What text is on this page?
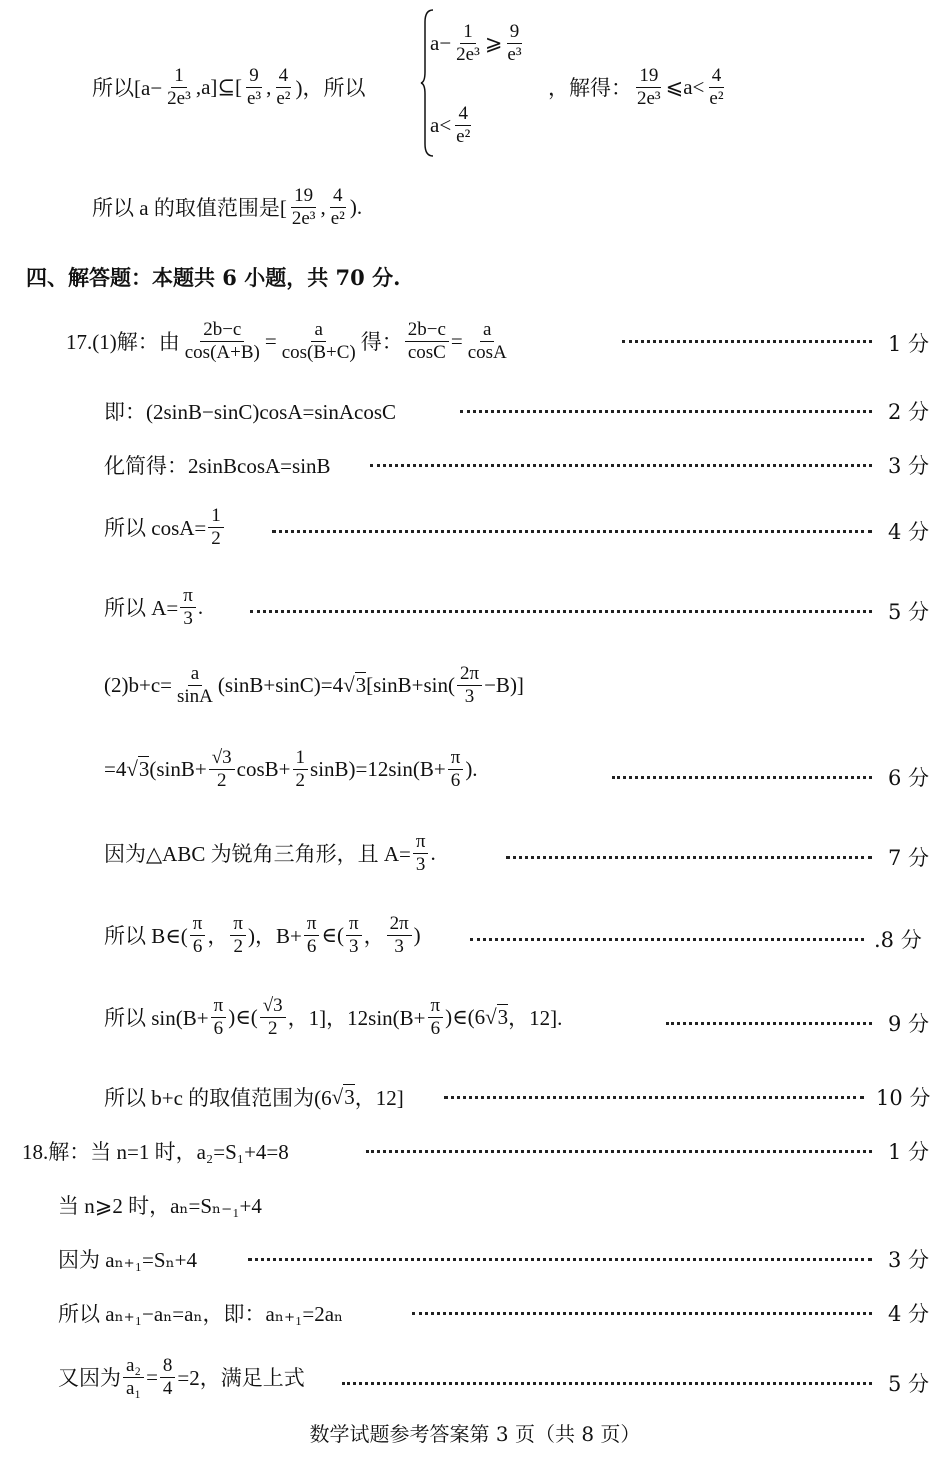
所以[$a- \frac{1}{\text{2e³}}$ ,a]⊆[ $\frac{9}{\text{e³}}$ , $\frac{4}{\text{e²}}$ )，所以
$a- \frac{1}{\text{2e³}}$ ⩾ $\frac{9}{\text{e³}}$
$a< \frac{4}{\text{e²}}$
，解得： $\frac{19}{\text{2e³}}$ ⩽a< $\frac{4}{\text{e²}}$
所以 a 的取值范围是[ $\frac{19}{\text{2e³}}$ , $\frac{4}{\text{e²}}$ ).
四、解答题：本题共 6 小题，共 70 分.
17.(1)解：由 $\frac{2b-c}{\cos(A+B)} = \frac{a}{\cos(B+C)}$ 得： $\frac{2b-c}{\cos C} = \frac{a}{\cos A}$	1 分
即：(2sinB−sinC)cosA=sinAcosC	2 分
化简得：2sinBcosA=sinB	3 分
所以 $\cos A= \frac{1}{2}$	4 分
所以 $A= \frac{\pi}{3}$ .	5 分
$(2)b+c= \frac{a}{\sin A} (\sin B+\sin C)=4$ √ 3 $[\sin B+\sin( \frac{2\pi}{3} -B)]$
=4 √ 3 $(\sin B+ \frac{√3}{2} \cos B+ \frac{1}{2} \sin B)=12\sin(B+ \frac{\pi}{6}$ ).	6 分
因为△ABC 为锐角三角形，且 $A= \frac{\pi}{3}$ .	7 分
所以 B∈( $\frac{\pi}{6}$ ， $\frac{\pi}{2}$ )，$B+ \frac{\pi}{6}$ ∈( $\frac{\pi}{3}$ ， $\frac{2\pi}{3}$ )	.8 分
所以 $\sin(B+ \frac{\pi}{6}$ )∈( $\frac{√3}{2}$ ，1]，$12\sin(B+ \frac{\pi}{6}$ )∈(6 √ 3 ，12].	9 分
所以 b+c 的取值范围为(6 √ 3 ，12]	10 分
18.解：当 n=1 时，a₂=S₁+4=8	1 分
当 n⩾2 时，aₙ=Sₙ₋₁+4
因为 aₙ₊₁=Sₙ+4	3 分
所以 aₙ₊₁−aₙ=aₙ，即：aₙ₊₁=2aₙ	4 分
又因为 $\frac{\text{a₂}}{\text{a₁}} = \frac{8}{4} =2$，满足上式	5 分
数学试题参考答案第 3 页（共 8 页）
